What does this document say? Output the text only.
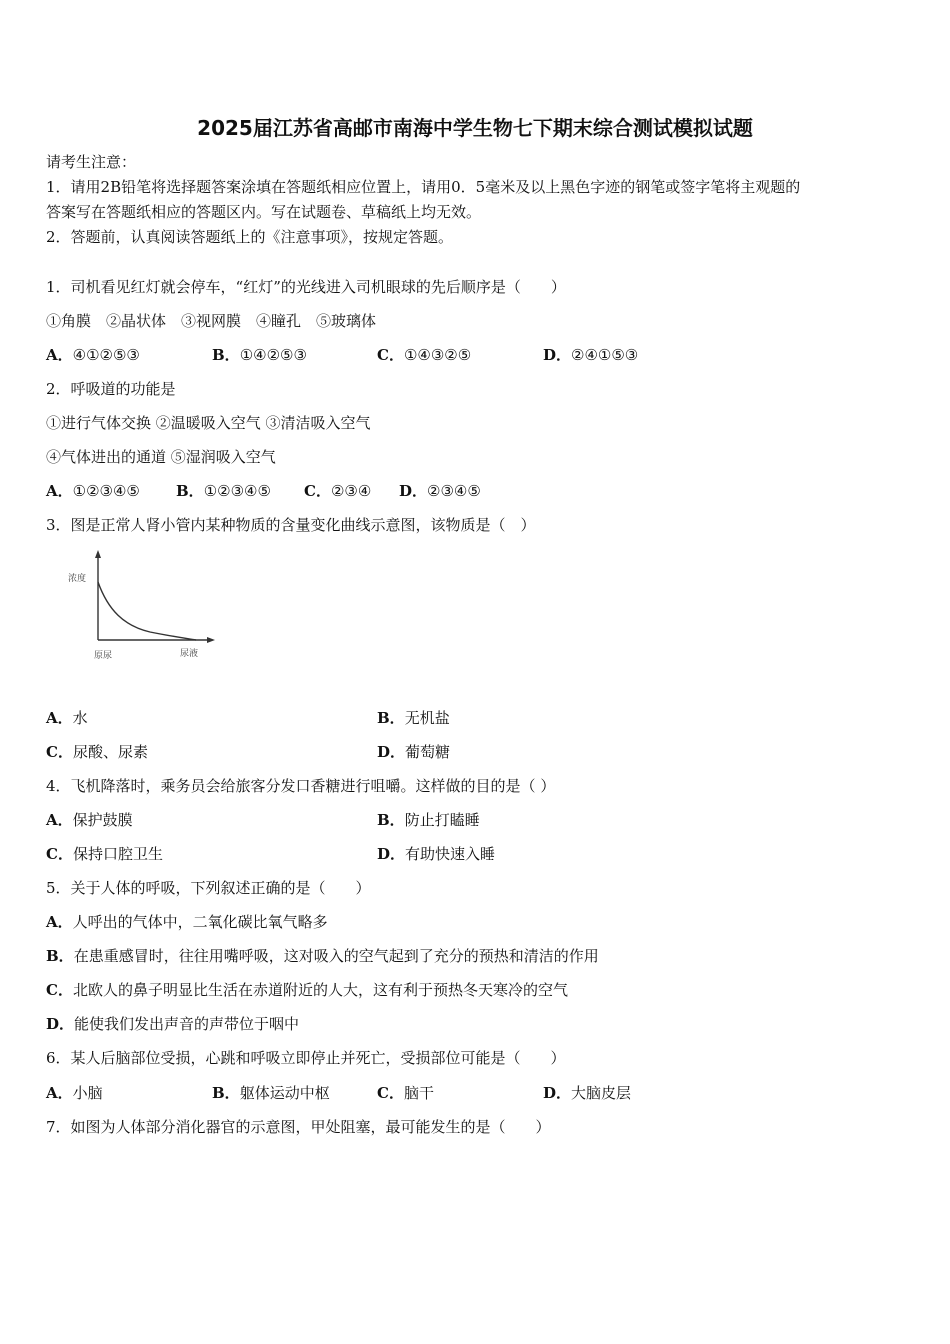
2025届江苏省高邮市南海中学生物七下期末综合测试模拟试题
请考生注意：
1．请用2B铅笔将选择题答案涂填在答题纸相应位置上，请用0．5毫米及以上黑色字迹的钢笔或签字笔将主观题的
答案写在答题纸相应的答题区内。写在试题卷、草稿纸上均无效。
2．答题前，认真阅读答题纸上的《注意事项》，按规定答题。
1．司机看见红灯就会停车，“红灯”的光线进入司机眼球的先后顺序是（　　）
①角膜　②晶状体　③视网膜　④瞳孔　⑤玻璃体
A．④①②⑤③	B．①④②⑤③	C．①④③②⑤	D．②④①⑤③
2．呼吸道的功能是
①进行气体交换 ②温暖吸入空气 ③清洁吸入空气
④气体进出的通道 ⑤湿润吸入空气
A．①②③④⑤ B．①②③④⑤ C．②③④ D．②③④⑤
3．图是正常人肾小管内某种物质的含量变化曲线示意图，该物质是（　）
浓度
原尿	尿液
A．水	B．无机盐
C．尿酸、尿素	D．葡萄糖
4．飞机降落时，乘务员会给旅客分发口香糖进行咀嚼。这样做的目的是（ ）
A．保护鼓膜	B．防止打瞌睡
C．保持口腔卫生	D．有助快速入睡
5．关于人体的呼吸，下列叙述正确的是（　　）
A．人呼出的气体中，二氧化碳比氧气略多
B．在患重感冒时，往往用嘴呼吸，这对吸入的空气起到了充分的预热和清洁的作用
C．北欧人的鼻子明显比生活在赤道附近的人大，这有利于预热冬天寒冷的空气
D．能使我们发出声音的声带位于咽中
6．某人后脑部位受损，心跳和呼吸立即停止并死亡，受损部位可能是（　　）
A．小脑	B．躯体运动中枢	C．脑干	D．大脑皮层
7．如图为人体部分消化器官的示意图，甲处阻塞，最可能发生的是（　　）
